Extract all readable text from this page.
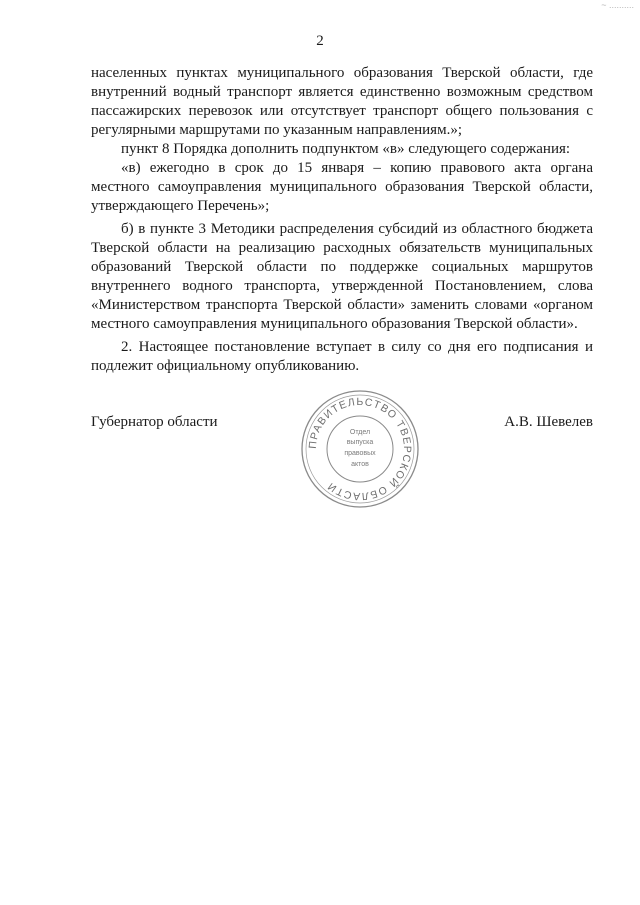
~ ..........
2

населенных пунктах муниципального образования Тверской области, где внутренний водный транспорт является единственно возможным средством пассажирских перевозок или отсутствует транспорт общего пользования с регулярными маршрутами по указанным направлениям.»;

пункт 8 Порядка дополнить подпунктом «в» следующего содержания:

«в) ежегодно в срок до 15 января – копию правового акта органа местного самоуправления муниципального образования Тверской области, утверждающего Перечень»;

б) в пункте 3 Методики распределения субсидий из областного бюджета Тверской области на реализацию расходных обязательств муниципальных образований Тверской области по поддержке социальных маршрутов внутреннего водного транспорта, утвержденной Постановлением, слова «Министерством транспорта Тверской области» заменить словами «органом местного самоуправления муниципального образования Тверской области».

2. Настоящее постановление вступает в силу со дня его подписания и подлежит официальному опубликованию.

Губернатор области	А.В. Шевелев
ПРАВИТЕЛЬСТВО ТВЕРСКОЙ ОБЛАСТИ
Отдел
выпуска
правовых
актов
